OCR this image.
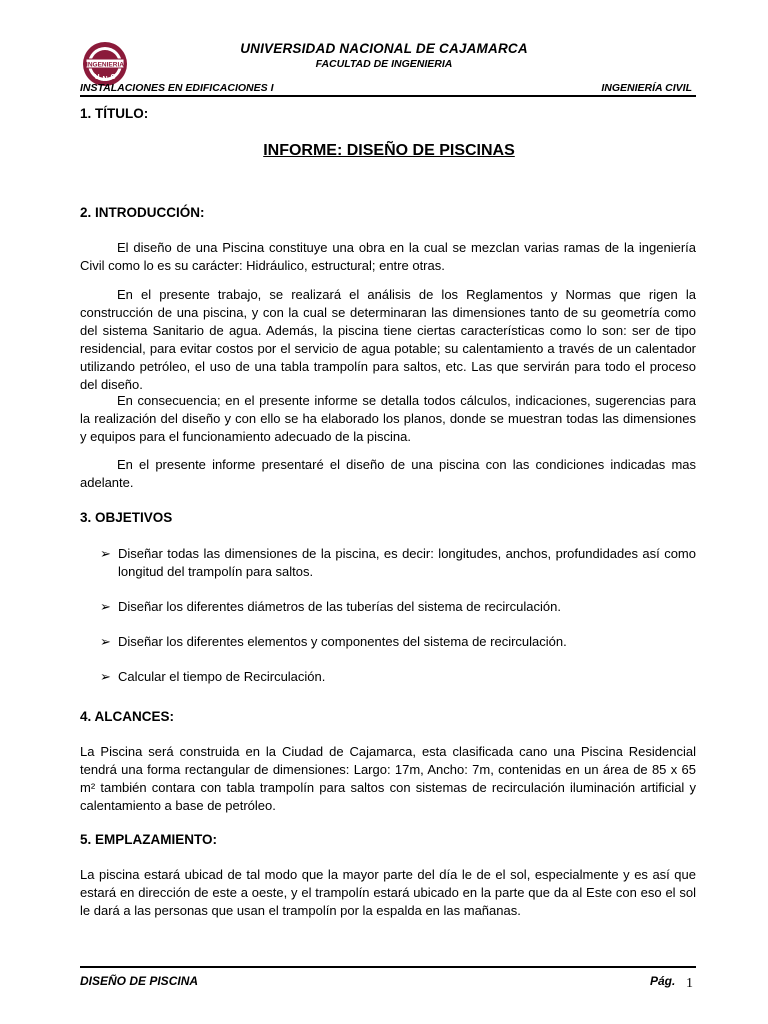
INGENIERIA
U N C
UNIVERSIDAD NACIONAL DE CAJAMARCA
FACULTAD DE INGENIERIA
INSTALACIONES EN EDIFICACIONES I	INGENIERÍA CIVIL
1. TÍTULO:
INFORME: DISEÑO DE PISCINAS
2. INTRODUCCIÓN:
El diseño de una Piscina constituye una obra en la cual se mezclan varias ramas de la ingeniería Civil como lo es su carácter: Hidráulico, estructural; entre otras.
En el presente trabajo, se realizará el análisis de los Reglamentos y Normas que rigen la construcción de una piscina, y con la cual se determinaran las dimensiones tanto de su geometría como del sistema Sanitario de agua. Además, la piscina tiene ciertas características como lo son: ser de tipo residencial, para evitar costos por el servicio de agua potable; su calentamiento a través de un calentador utilizando petróleo, el uso de una tabla trampolín para saltos, etc. Las que servirán para todo el proceso del diseño.
En consecuencia; en el presente informe se detalla todos cálculos, indicaciones, sugerencias para la realización del diseño y con ello se ha elaborado los planos, donde se muestran todas las dimensiones y equipos para el funcionamiento adecuado de la piscina.
En el presente informe presentaré el diseño de una piscina con las condiciones indicadas mas adelante.
3. OBJETIVOS
➢ Diseñar todas las dimensiones de la piscina, es decir: longitudes, anchos, profundidades así como longitud del trampolín para saltos.
➢ Diseñar los diferentes diámetros de las tuberías del sistema de recirculación.
➢ Diseñar los diferentes elementos y componentes del sistema de recirculación.
➢ Calcular el tiempo de Recirculación.
4. ALCANCES:
La Piscina será construida en la Ciudad de Cajamarca, esta clasificada cano una Piscina Residencial tendrá una forma rectangular de dimensiones: Largo: 17m, Ancho: 7m, contenidas en un área de 85 x 65 m² también contara con tabla trampolín para saltos con sistemas de recirculación iluminación artificial y calentamiento a base de petróleo.
5. EMPLAZAMIENTO:
La piscina estará ubicad de tal modo que la mayor parte del día le de el sol, especialmente y es así que estará en dirección de este a oeste, y el trampolín estará ubicado en la parte que da al Este con eso el sol le dará a las personas que usan el trampolín por la espalda en las mañanas.
DISEÑO DE PISCINA	Pág. 1
